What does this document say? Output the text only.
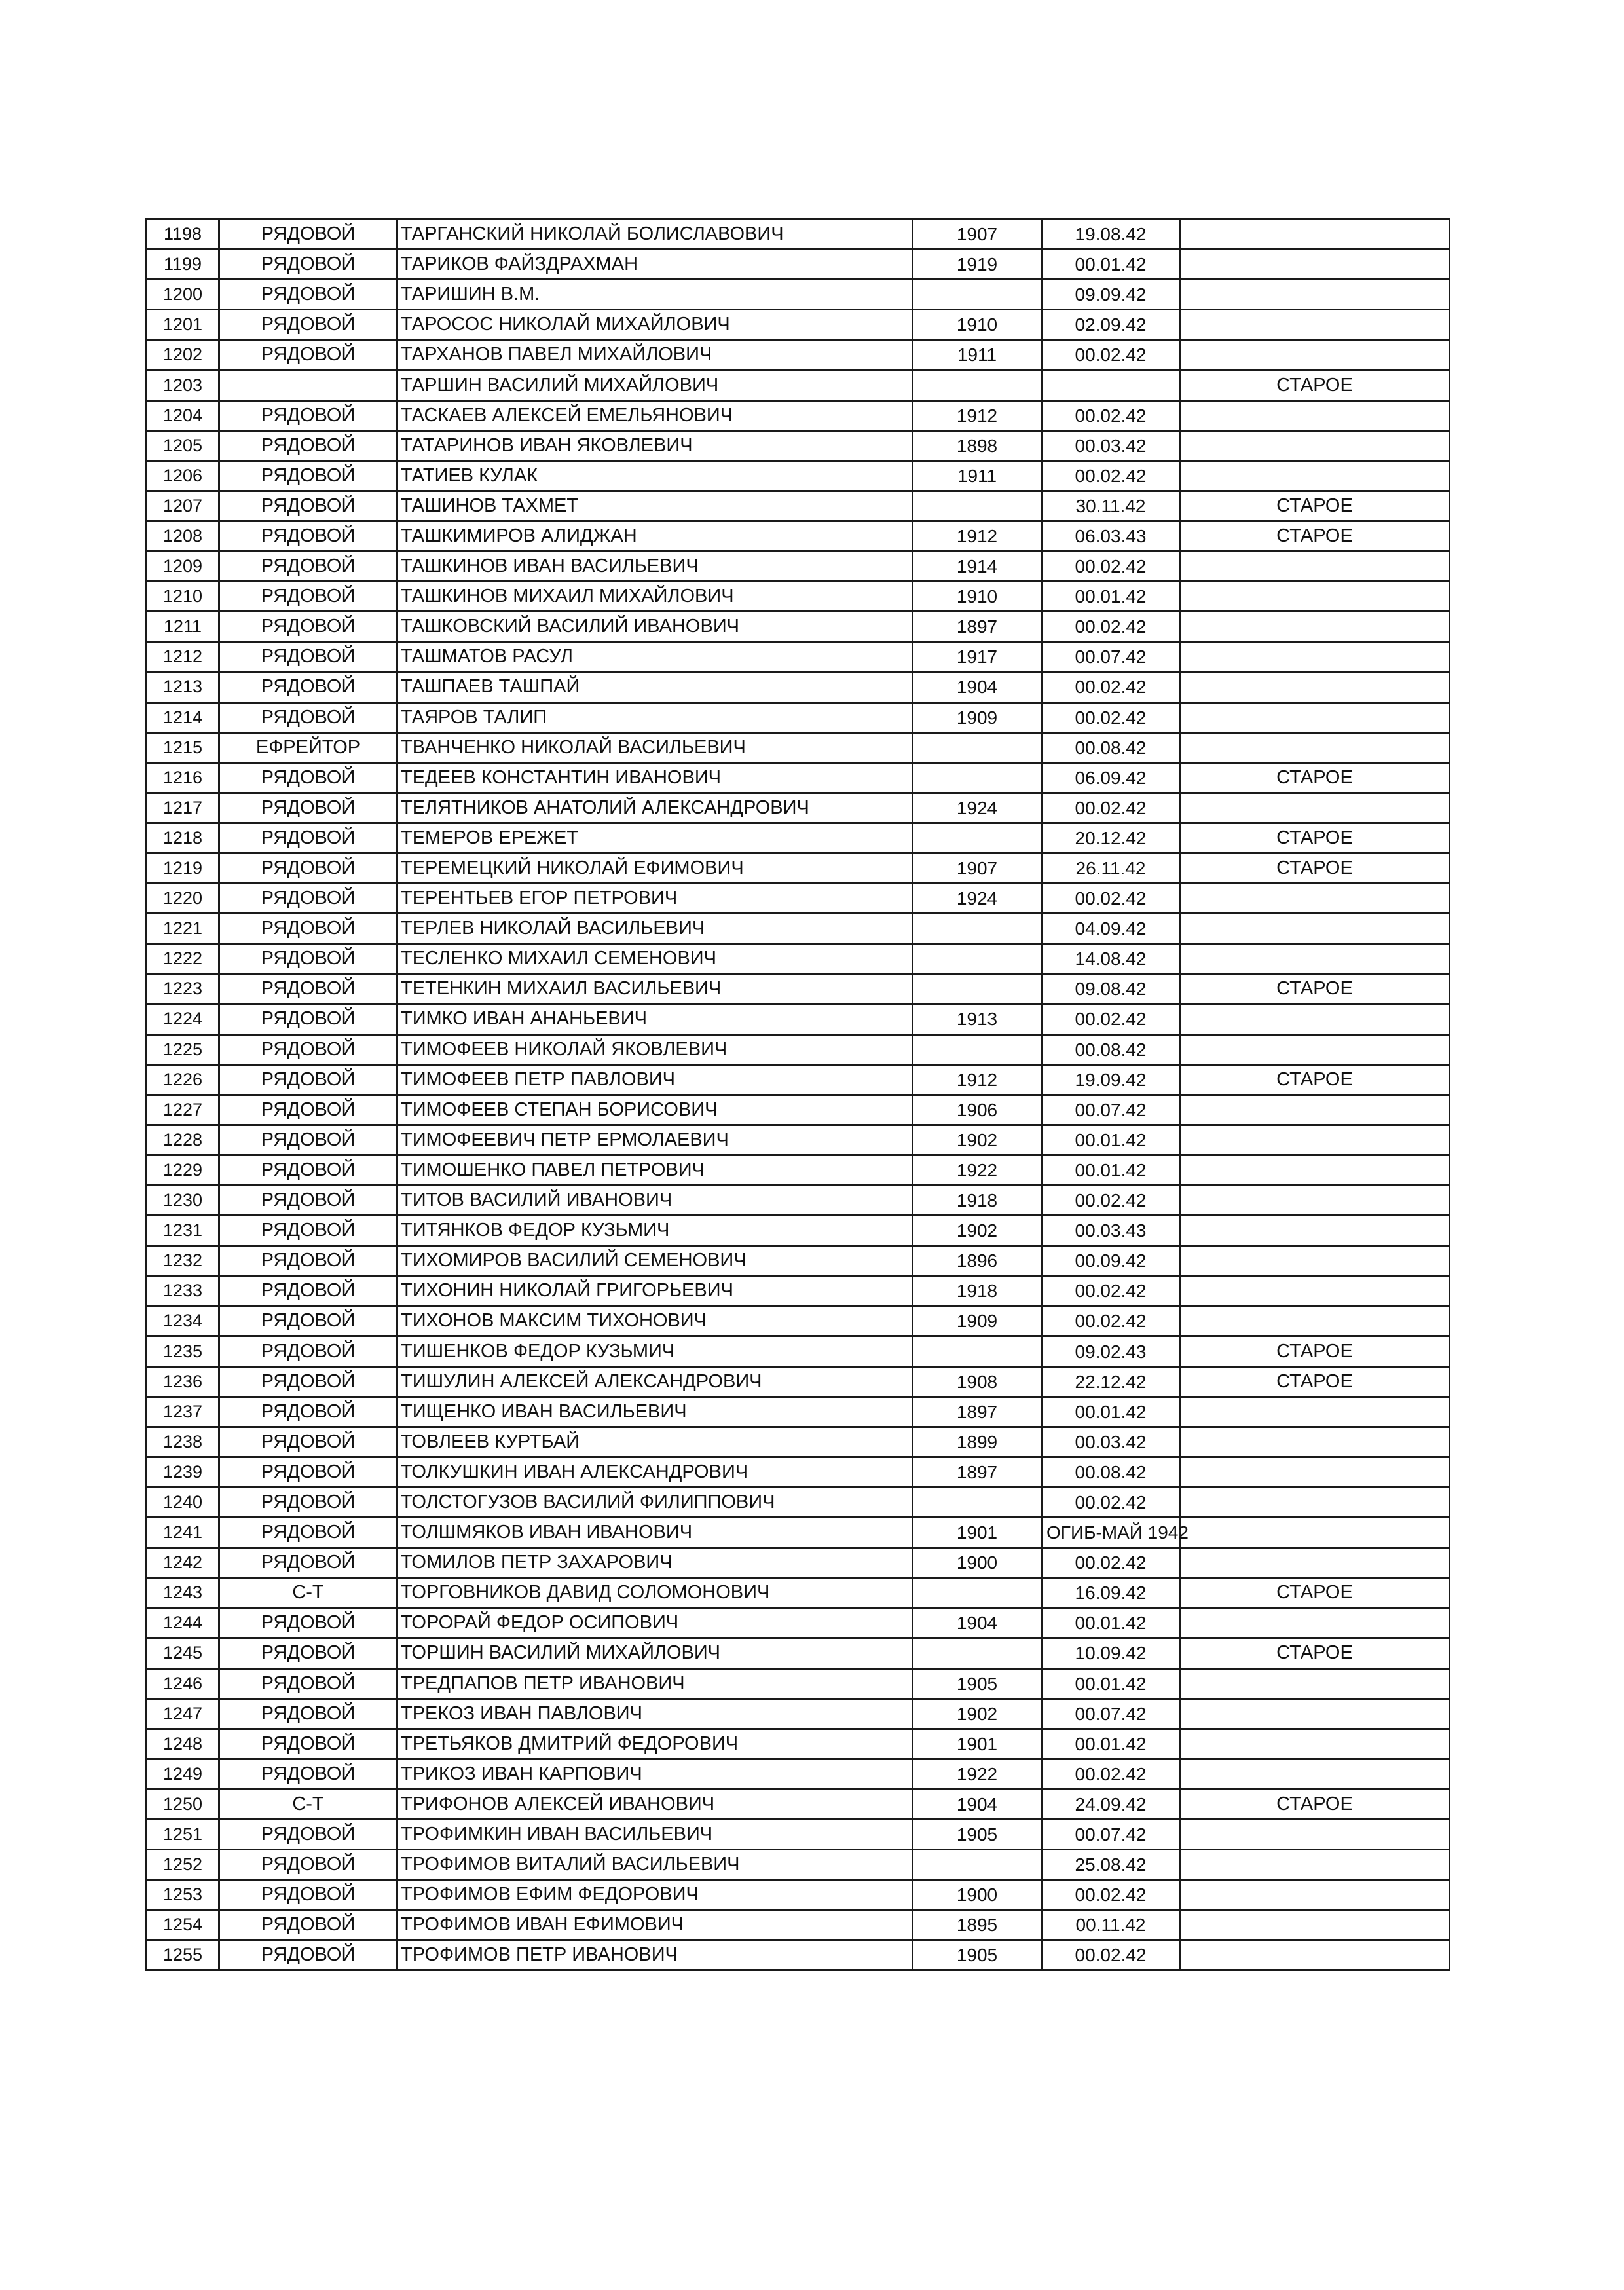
1198	РЯДОВОЙ	ТАРГАНСКИЙ НИКОЛАЙ БОЛИСЛАВОВИЧ	1907	19.08.42	
1199	РЯДОВОЙ	ТАРИКОВ ФАЙЗДРАХМАН	1919	00.01.42	
1200	РЯДОВОЙ	ТАРИШИН В.М.		09.09.42	
1201	РЯДОВОЙ	ТАРОСОС НИКОЛАЙ МИХАЙЛОВИЧ	1910	02.09.42	
1202	РЯДОВОЙ	ТАРХАНОВ ПАВЕЛ МИХАЙЛОВИЧ	1911	00.02.42	
1203		ТАРШИН ВАСИЛИЙ МИХАЙЛОВИЧ			СТАРОЕ
1204	РЯДОВОЙ	ТАСКАЕВ АЛЕКСЕЙ ЕМЕЛЬЯНОВИЧ	1912	00.02.42	
1205	РЯДОВОЙ	ТАТАРИНОВ ИВАН ЯКОВЛЕВИЧ	1898	00.03.42	
1206	РЯДОВОЙ	ТАТИЕВ КУЛАК	1911	00.02.42	
1207	РЯДОВОЙ	ТАШИНОВ ТАХМЕТ		30.11.42	СТАРОЕ
1208	РЯДОВОЙ	ТАШКИМИРОВ АЛИДЖАН	1912	06.03.43	СТАРОЕ
1209	РЯДОВОЙ	ТАШКИНОВ ИВАН ВАСИЛЬЕВИЧ	1914	00.02.42	
1210	РЯДОВОЙ	ТАШКИНОВ МИХАИЛ МИХАЙЛОВИЧ	1910	00.01.42	
1211	РЯДОВОЙ	ТАШКОВСКИЙ ВАСИЛИЙ ИВАНОВИЧ	1897	00.02.42	
1212	РЯДОВОЙ	ТАШМАТОВ РАСУЛ	1917	00.07.42	
1213	РЯДОВОЙ	ТАШПАЕВ ТАШПАЙ	1904	00.02.42	
1214	РЯДОВОЙ	ТАЯРОВ ТАЛИП	1909	00.02.42	
1215	ЕФРЕЙТОР	ТВАНЧЕНКО НИКОЛАЙ ВАСИЛЬЕВИЧ		00.08.42	
1216	РЯДОВОЙ	ТЕДЕЕВ КОНСТАНТИН ИВАНОВИЧ		06.09.42	СТАРОЕ
1217	РЯДОВОЙ	ТЕЛЯТНИКОВ АНАТОЛИЙ АЛЕКСАНДРОВИЧ	1924	00.02.42	
1218	РЯДОВОЙ	ТЕМЕРОВ ЕРЕЖЕТ		20.12.42	СТАРОЕ
1219	РЯДОВОЙ	ТЕРЕМЕЦКИЙ НИКОЛАЙ ЕФИМОВИЧ	1907	26.11.42	СТАРОЕ
1220	РЯДОВОЙ	ТЕРЕНТЬЕВ ЕГОР ПЕТРОВИЧ	1924	00.02.42	
1221	РЯДОВОЙ	ТЕРЛЕВ НИКОЛАЙ ВАСИЛЬЕВИЧ		04.09.42	
1222	РЯДОВОЙ	ТЕСЛЕНКО МИХАИЛ СЕМЕНОВИЧ		14.08.42	
1223	РЯДОВОЙ	ТЕТЕНКИН МИХАИЛ ВАСИЛЬЕВИЧ		09.08.42	СТАРОЕ
1224	РЯДОВОЙ	ТИМКО ИВАН АНАНЬЕВИЧ	1913	00.02.42	
1225	РЯДОВОЙ	ТИМОФЕЕВ НИКОЛАЙ ЯКОВЛЕВИЧ		00.08.42	
1226	РЯДОВОЙ	ТИМОФЕЕВ ПЕТР ПАВЛОВИЧ	1912	19.09.42	СТАРОЕ
1227	РЯДОВОЙ	ТИМОФЕЕВ СТЕПАН БОРИСОВИЧ	1906	00.07.42	
1228	РЯДОВОЙ	ТИМОФЕЕВИЧ ПЕТР ЕРМОЛАЕВИЧ	1902	00.01.42	
1229	РЯДОВОЙ	ТИМОШЕНКО ПАВЕЛ ПЕТРОВИЧ	1922	00.01.42	
1230	РЯДОВОЙ	ТИТОВ ВАСИЛИЙ ИВАНОВИЧ	1918	00.02.42	
1231	РЯДОВОЙ	ТИТЯНКОВ ФЕДОР КУЗЬМИЧ	1902	00.03.43	
1232	РЯДОВОЙ	ТИХОМИРОВ ВАСИЛИЙ СЕМЕНОВИЧ	1896	00.09.42	
1233	РЯДОВОЙ	ТИХОНИН НИКОЛАЙ ГРИГОРЬЕВИЧ	1918	00.02.42	
1234	РЯДОВОЙ	ТИХОНОВ МАКСИМ ТИХОНОВИЧ	1909	00.02.42	
1235	РЯДОВОЙ	ТИШЕНКОВ ФЕДОР КУЗЬМИЧ		09.02.43	СТАРОЕ
1236	РЯДОВОЙ	ТИШУЛИН АЛЕКСЕЙ АЛЕКСАНДРОВИЧ	1908	22.12.42	СТАРОЕ
1237	РЯДОВОЙ	ТИЩЕНКО ИВАН ВАСИЛЬЕВИЧ	1897	00.01.42	
1238	РЯДОВОЙ	ТОВЛЕЕВ КУРТБАЙ	1899	00.03.42	
1239	РЯДОВОЙ	ТОЛКУШКИН ИВАН АЛЕКСАНДРОВИЧ	1897	00.08.42	
1240	РЯДОВОЙ	ТОЛСТОГУЗОВ ВАСИЛИЙ ФИЛИППОВИЧ		00.02.42	
1241	РЯДОВОЙ	ТОЛШМЯКОВ ИВАН ИВАНОВИЧ	1901	ОГИБ-МАЙ 1942	
1242	РЯДОВОЙ	ТОМИЛОВ ПЕТР ЗАХАРОВИЧ	1900	00.02.42	
1243	С-Т	ТОРГОВНИКОВ ДАВИД СОЛОМОНОВИЧ		16.09.42	СТАРОЕ
1244	РЯДОВОЙ	ТОРОРАЙ ФЕДОР ОСИПОВИЧ	1904	00.01.42	
1245	РЯДОВОЙ	ТОРШИН ВАСИЛИЙ МИХАЙЛОВИЧ		10.09.42	СТАРОЕ
1246	РЯДОВОЙ	ТРЕДПАПОВ ПЕТР ИВАНОВИЧ	1905	00.01.42	
1247	РЯДОВОЙ	ТРЕКОЗ ИВАН ПАВЛОВИЧ	1902	00.07.42	
1248	РЯДОВОЙ	ТРЕТЬЯКОВ ДМИТРИЙ ФЕДОРОВИЧ	1901	00.01.42	
1249	РЯДОВОЙ	ТРИКОЗ ИВАН КАРПОВИЧ	1922	00.02.42	
1250	С-Т	ТРИФОНОВ АЛЕКСЕЙ ИВАНОВИЧ	1904	24.09.42	СТАРОЕ
1251	РЯДОВОЙ	ТРОФИМКИН ИВАН ВАСИЛЬЕВИЧ	1905	00.07.42	
1252	РЯДОВОЙ	ТРОФИМОВ ВИТАЛИЙ ВАСИЛЬЕВИЧ		25.08.42	
1253	РЯДОВОЙ	ТРОФИМОВ ЕФИМ ФЕДОРОВИЧ	1900	00.02.42	
1254	РЯДОВОЙ	ТРОФИМОВ ИВАН ЕФИМОВИЧ	1895	00.11.42	
1255	РЯДОВОЙ	ТРОФИМОВ ПЕТР ИВАНОВИЧ	1905	00.02.42	
